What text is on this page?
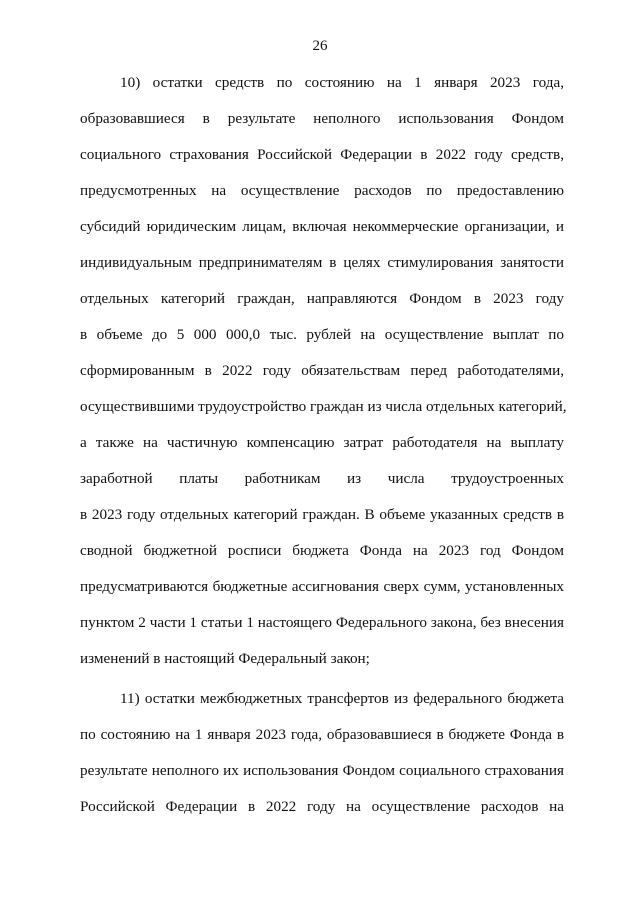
26
10) остатки средств по состоянию на 1 января 2023 года,
образовавшиеся в результате неполного использования Фондом
социального страхования Российской Федерации в 2022 году средств,
предусмотренных на осуществление расходов по предоставлению
субсидий юридическим лицам, включая некоммерческие организации, и
индивидуальным предпринимателям в целях стимулирования занятости
отдельных категорий граждан, направляются Фондом в 2023 году
в объеме до 5 000 000,0 тыс. рублей на осуществление выплат по
сформированным в 2022 году обязательствам перед работодателями,
осуществившими трудоустройство граждан из числа отдельных категорий,
а также на частичную компенсацию затрат работодателя на выплату
заработной платы работникам из числа трудоустроенных
в 2023 году отдельных категорий граждан. В объеме указанных средств в
сводной бюджетной росписи бюджета Фонда на 2023 год Фондом
предусматриваются бюджетные ассигнования сверх сумм, установленных
пунктом 2 части 1 статьи 1 настоящего Федерального закона, без внесения
изменений в настоящий Федеральный закон;
11) остатки межбюджетных трансфертов из федерального бюджета
по состоянию на 1 января 2023 года, образовавшиеся в бюджете Фонда в
результате неполного их использования Фондом социального страхования
Российской Федерации в 2022 году на осуществление расходов на
